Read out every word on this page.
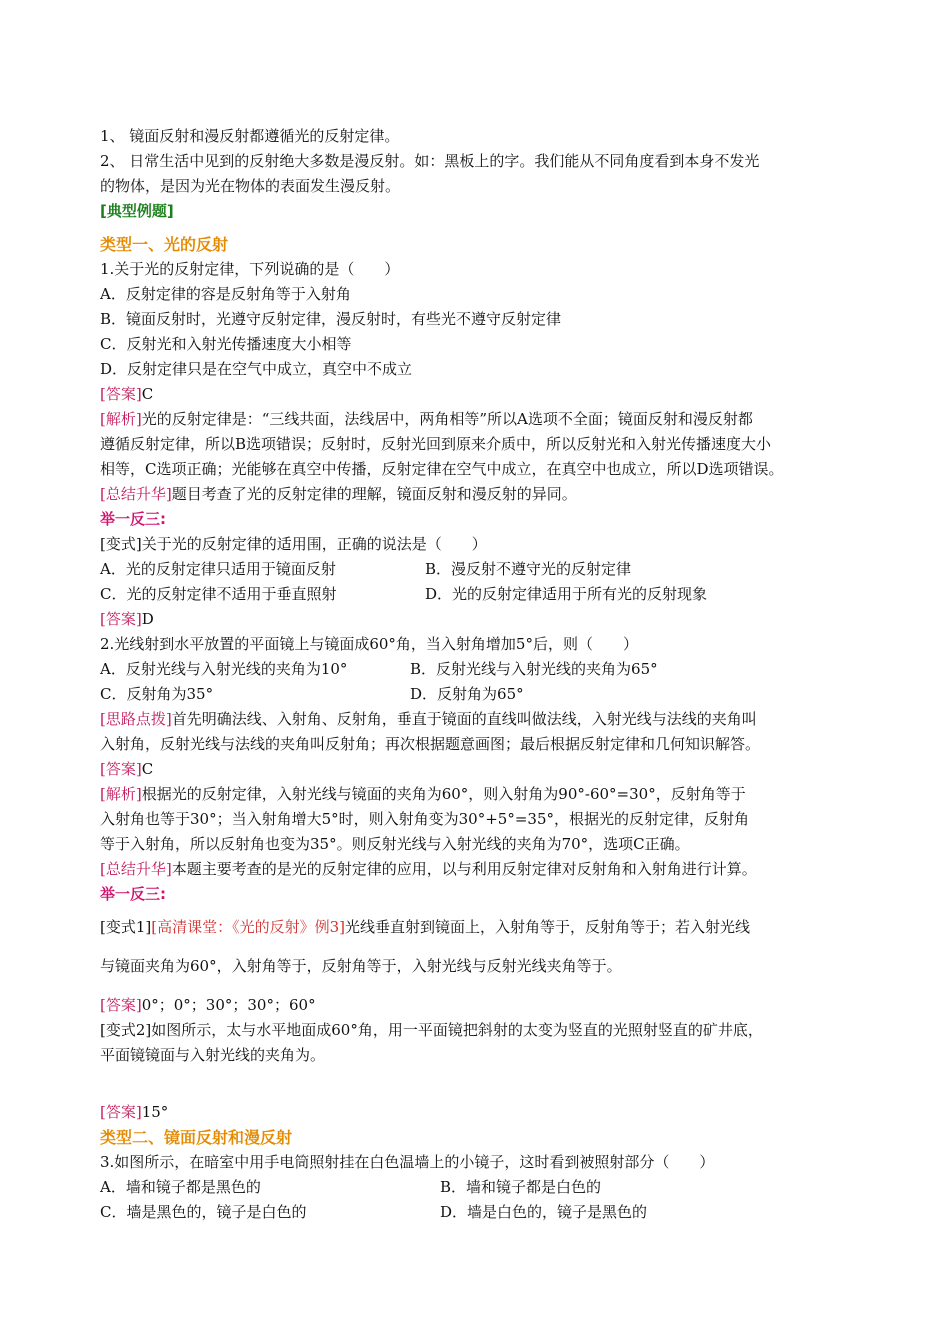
1、 镜面反射和漫反射都遵循光的反射定律。
2、 日常生活中见到的反射绝大多数是漫反射。如：黑板上的字。我们能从不同角度看到本身不发光
的物体，是因为光在物体的表面发生漫反射。
[典型例题]
类型一、光的反射
1.关于光的反射定律，下列说确的是（　　）
A．反射定律的容是反射角等于入射角
B．镜面反射时，光遵守反射定律，漫反射时，有些光不遵守反射定律
C．反射光和入射光传播速度大小相等
D．反射定律只是在空气中成立，真空中不成立
[答案]C
[解析]光的反射定律是：“三线共面，法线居中，两角相等”所以A选项不全面；镜面反射和漫反射都
遵循反射定律，所以B选项错误；反射时，反射光回到原来介质中，所以反射光和入射光传播速度大小
相等，C选项正确；光能够在真空中传播，反射定律在空气中成立，在真空中也成立，所以D选项错误。
[总结升华]题目考查了光的反射定律的理解，镜面反射和漫反射的异同。
举一反三:
[变式]关于光的反射定律的适用围，正确的说法是（　　）
A．光的反射定律只适用于镜面反射	B．漫反射不遵守光的反射定律
C．光的反射定律不适用于垂直照射	D．光的反射定律适用于所有光的反射现象
[答案]D
2.光线射到水平放置的平面镜上与镜面成60°角，当入射角增加5°后，则（　　）
A．反射光线与入射光线的夹角为10°	B．反射光线与入射光线的夹角为65°
C．反射角为35°	D．反射角为65°
[思路点拨]首先明确法线、入射角、反射角，垂直于镜面的直线叫做法线，入射光线与法线的夹角叫
入射角，反射光线与法线的夹角叫反射角；再次根据题意画图；最后根据反射定律和几何知识解答。
[答案]C
[解析]根据光的反射定律，入射光线与镜面的夹角为60°，则入射角为90°-60°=30°，反射角等于
入射角也等于30°；当入射角增大5°时，则入射角变为30°+5°=35°，根据光的反射定律，反射角
等于入射角，所以反射角也变为35°。则反射光线与入射光线的夹角为70°，选项C正确。
[总结升华]本题主要考查的是光的反射定律的应用，以与利用反射定律对反射角和入射角进行计算。
举一反三:
[变式1][高清课堂：《光的反射》例3]光线垂直射到镜面上，入射角等于，反射角等于；若入射光线
与镜面夹角为60°，入射角等于，反射角等于，入射光线与反射光线夹角等于。
[答案]0°；0°；30°；30°；60°
[变式2]如图所示，太与水平地面成60°角，用一平面镜把斜射的太变为竖直的光照射竖直的矿井底，
平面镜镜面与入射光线的夹角为。
[答案]15°
类型二、镜面反射和漫反射
3.如图所示，在暗室中用手电筒照射挂在白色温墙上的小镜子，这时看到被照射部分（　　）
A．墙和镜子都是黑色的	B．墙和镜子都是白色的
C．墙是黑色的，镜子是白色的	D．墙是白色的，镜子是黑色的
